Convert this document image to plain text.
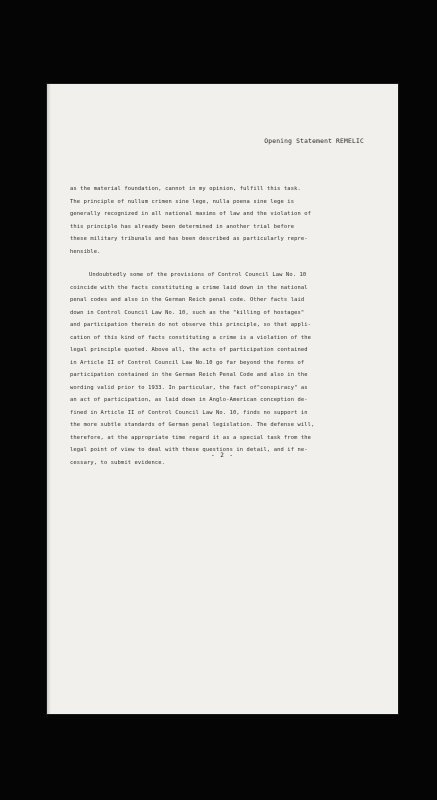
Opening Statement REMELIC
as the material foundation, cannot in my opinion, fulfill this task.
The principle of nullum crimen sine lege, nulla poena sine lege is
generally recognized in all national maxims of law and the violation of
this principle has already been determined in another trial before
these military tribunals and has been described as particularly repre-
hensible.
Undoubtedly some of the provisions of Control Council Law No. 10
coincide with the facts constituting a crime laid down in the national
penal codes and also in the German Reich penal code. Other facts laid
down in Control Council Law No. 10, such as the "killing of hostages"
and participation therein do not observe this principle, so that appli-
cation of this kind of facts constituting a crime is a violation of the
legal principle quoted. Above all, the acts of participation contained
in Article II of Control Council Law No.10 go far beyond the forms of
participation contained in the German Reich Penal Code and also in the
wording valid prior to 1933. In particular, the fact of"conspiracy" as
an act of participation, as laid down in Anglo-American conception de-
fined in Article II of Control Council Law No. 10, finds no support in
the more subtle standards of German penal legislation. The defense will,
therefore, at the appropriate time regard it as a special task from the
legal point of view to deal with these questions in detail, and if ne-
cessary, to submit evidence.
- 2 -
